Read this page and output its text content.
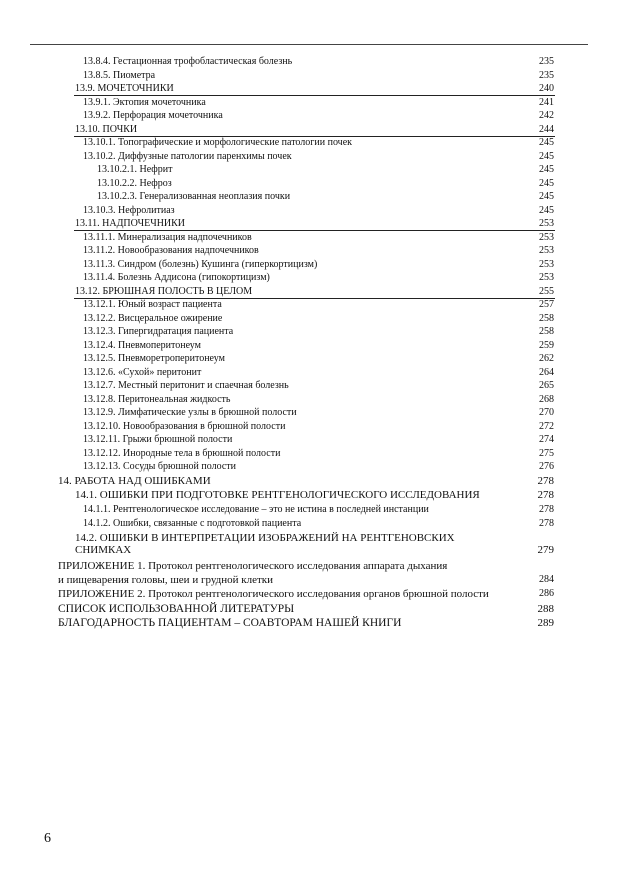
13.8.4. Гестационная трофобластическая болезнь	235
13.8.5. Пиометра	235
13.9. МОЧЕТОЧНИКИ	240
13.9.1. Эктопия мочеточника	241
13.9.2. Перфорация мочеточника	242
13.10. ПОЧКИ	244
13.10.1. Топографические и морфологические патологии почек	245
13.10.2. Диффузные патологии паренхимы почек	245
13.10.2.1. Нефрит	245
13.10.2.2. Нефроз	245
13.10.2.3. Генерализованная неоплазия почки	245
13.10.3. Нефролитиаз	245
13.11. НАДПОЧЕЧНИКИ	253
13.11.1. Минерализация надпочечников	253
13.11.2. Новообразования надпочечников	253
13.11.3. Синдром (болезнь) Кушинга (гиперкортицизм)	253
13.11.4. Болезнь Аддисона (гипокортицизм)	253
13.12. БРЮШНАЯ ПОЛОСТЬ В ЦЕЛОМ	255
13.12.1. Юный возраст пациента	257
13.12.2. Висцеральное ожирение	258
13.12.3. Гипергидратация пациента	258
13.12.4. Пневмоперитонеум	259
13.12.5. Пневморетроперитонеум	262
13.12.6. «Сухой» перитонит	264
13.12.7. Местный перитонит и спаечная болезнь	265
13.12.8. Перитонеальная жидкость	268
13.12.9. Лимфатические узлы в брюшной полости	270
13.12.10. Новообразования в брюшной полости	272
13.12.11. Грыжи брюшной полости	274
13.12.12. Инородные тела в брюшной полости	275
13.12.13. Сосуды брюшной полости	276
14. РАБОТА НАД ОШИБКАМИ	278
14.1. ОШИБКИ ПРИ ПОДГОТОВКЕ РЕНТГЕНОЛОГИЧЕСКОГО ИССЛЕДОВАНИЯ	278
14.1.1. Рентгенологическое исследование – это не истина в последней инстанции	278
14.1.2. Ошибки, связанные с подготовкой пациента	278
14.2. ОШИБКИ В ИНТЕРПРЕТАЦИИ ИЗОБРАЖЕНИЙ НА РЕНТГЕНОВСКИХ
СНИМКАХ	279
ПРИЛОЖЕНИЕ 1. Протокол рентгенологического исследования аппарата дыхания
и пищеварения головы, шеи и грудной клетки	284
ПРИЛОЖЕНИЕ 2. Протокол рентгенологического исследования органов брюшной полости	286
СПИСОК ИСПОЛЬЗОВАННОЙ ЛИТЕРАТУРЫ	288
БЛАГОДАРНОСТЬ ПАЦИЕНТАМ – СОАВТОРАМ НАШЕЙ КНИГИ	289
6
